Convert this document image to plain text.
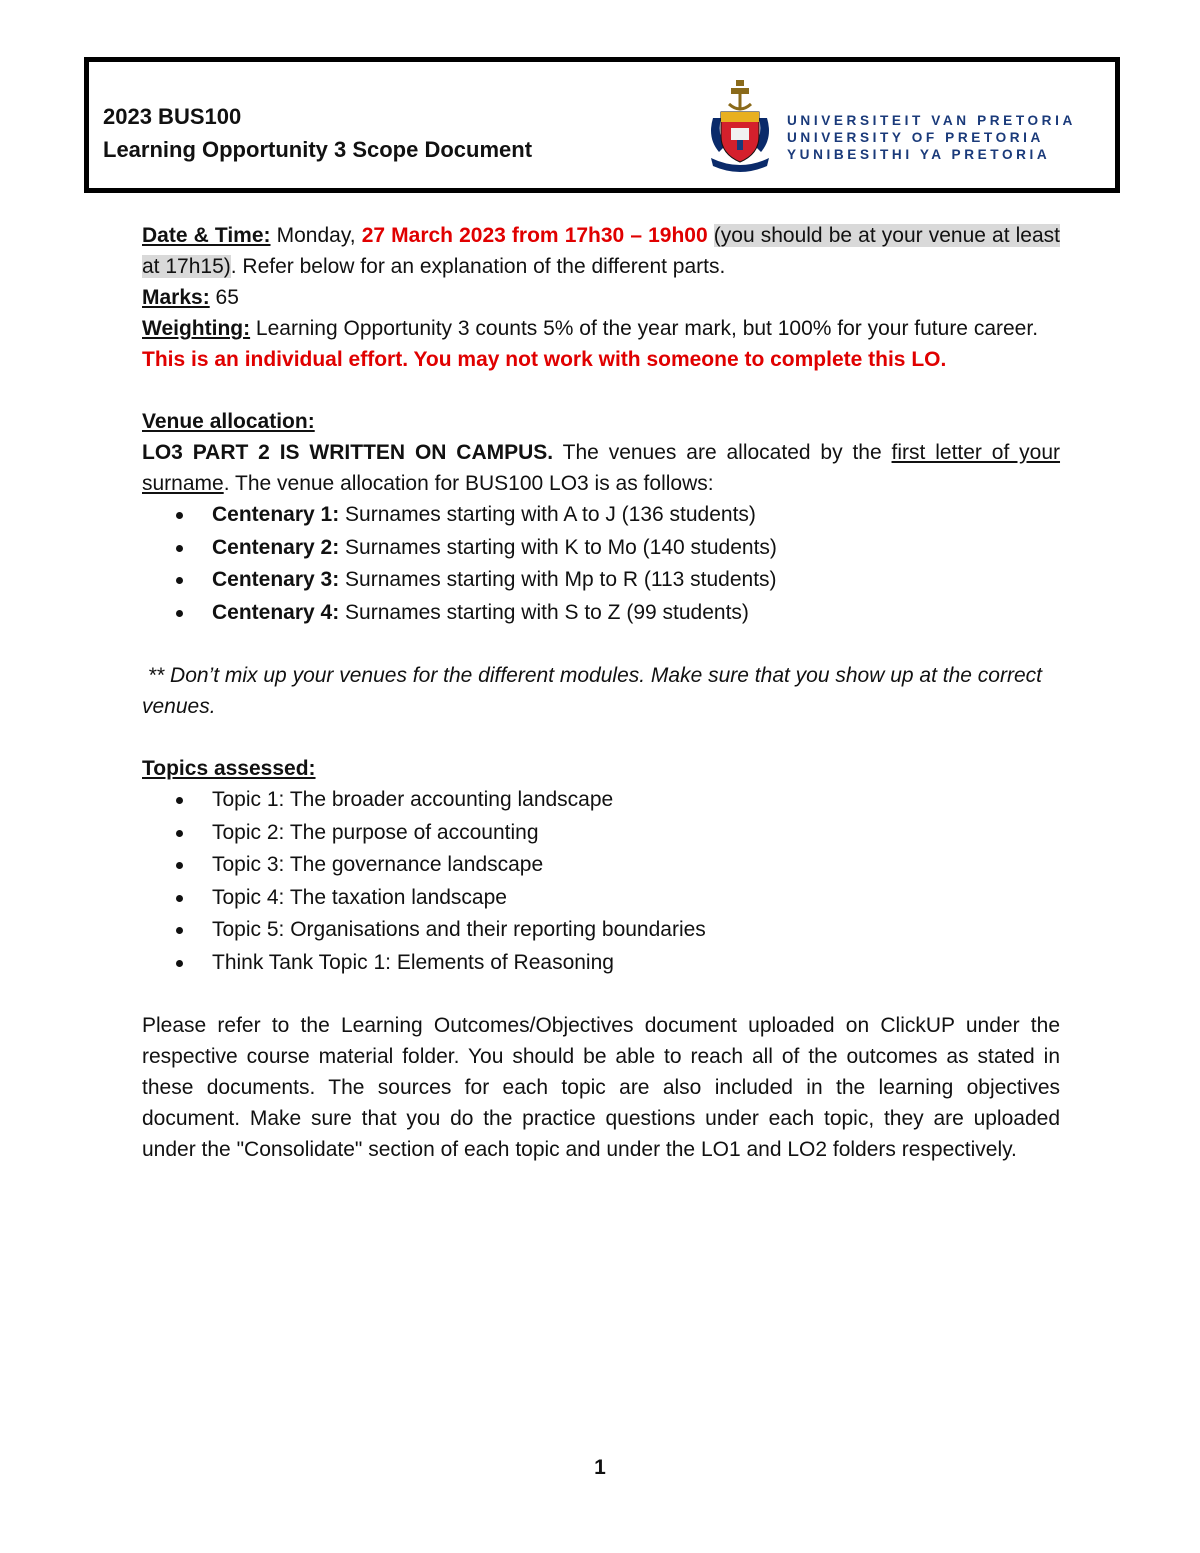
2023 BUS100
Learning Opportunity 3 Scope Document
UNIVERSITEIT VAN PRETORIA
UNIVERSITY OF PRETORIA
YUNIBESITHI YA PRETORIA

Date & Time: Monday, 27 March 2023 from 17h30 – 19h00 (you should be at your venue at least at 17h15). Refer below for an explanation of the different parts.

Marks: 65

Weighting: Learning Opportunity 3 counts 5% of the year mark, but 100% for your future career.

This is an individual effort. You may not work with someone to complete this LO.

Venue allocation:

LO3 PART 2 IS WRITTEN ON CAMPUS. The venues are allocated by the first letter of your surname. The venue allocation for BUS100 LO3 is as follows:

Centenary 1: Surnames starting with A to J (136 students)
Centenary 2: Surnames starting with K to Mo (140 students)
Centenary 3: Surnames starting with Mp to R (113 students)
Centenary 4: Surnames starting with S to Z (99 students)

** Don’t mix up your venues for the different modules. Make sure that you show up at the correct venues.

Topics assessed:

Topic 1: The broader accounting landscape
Topic 2: The purpose of accounting
Topic 3: The governance landscape
Topic 4: The taxation landscape
Topic 5: Organisations and their reporting boundaries
Think Tank Topic 1: Elements of Reasoning

Please refer to the Learning Outcomes/Objectives document uploaded on ClickUP under the respective course material folder. You should be able to reach all of the outcomes as stated in these documents. The sources for each topic are also included in the learning objectives document. Make sure that you do the practice questions under each topic, they are uploaded under the "Consolidate" section of each topic and under the LO1 and LO2 folders respectively.

1
